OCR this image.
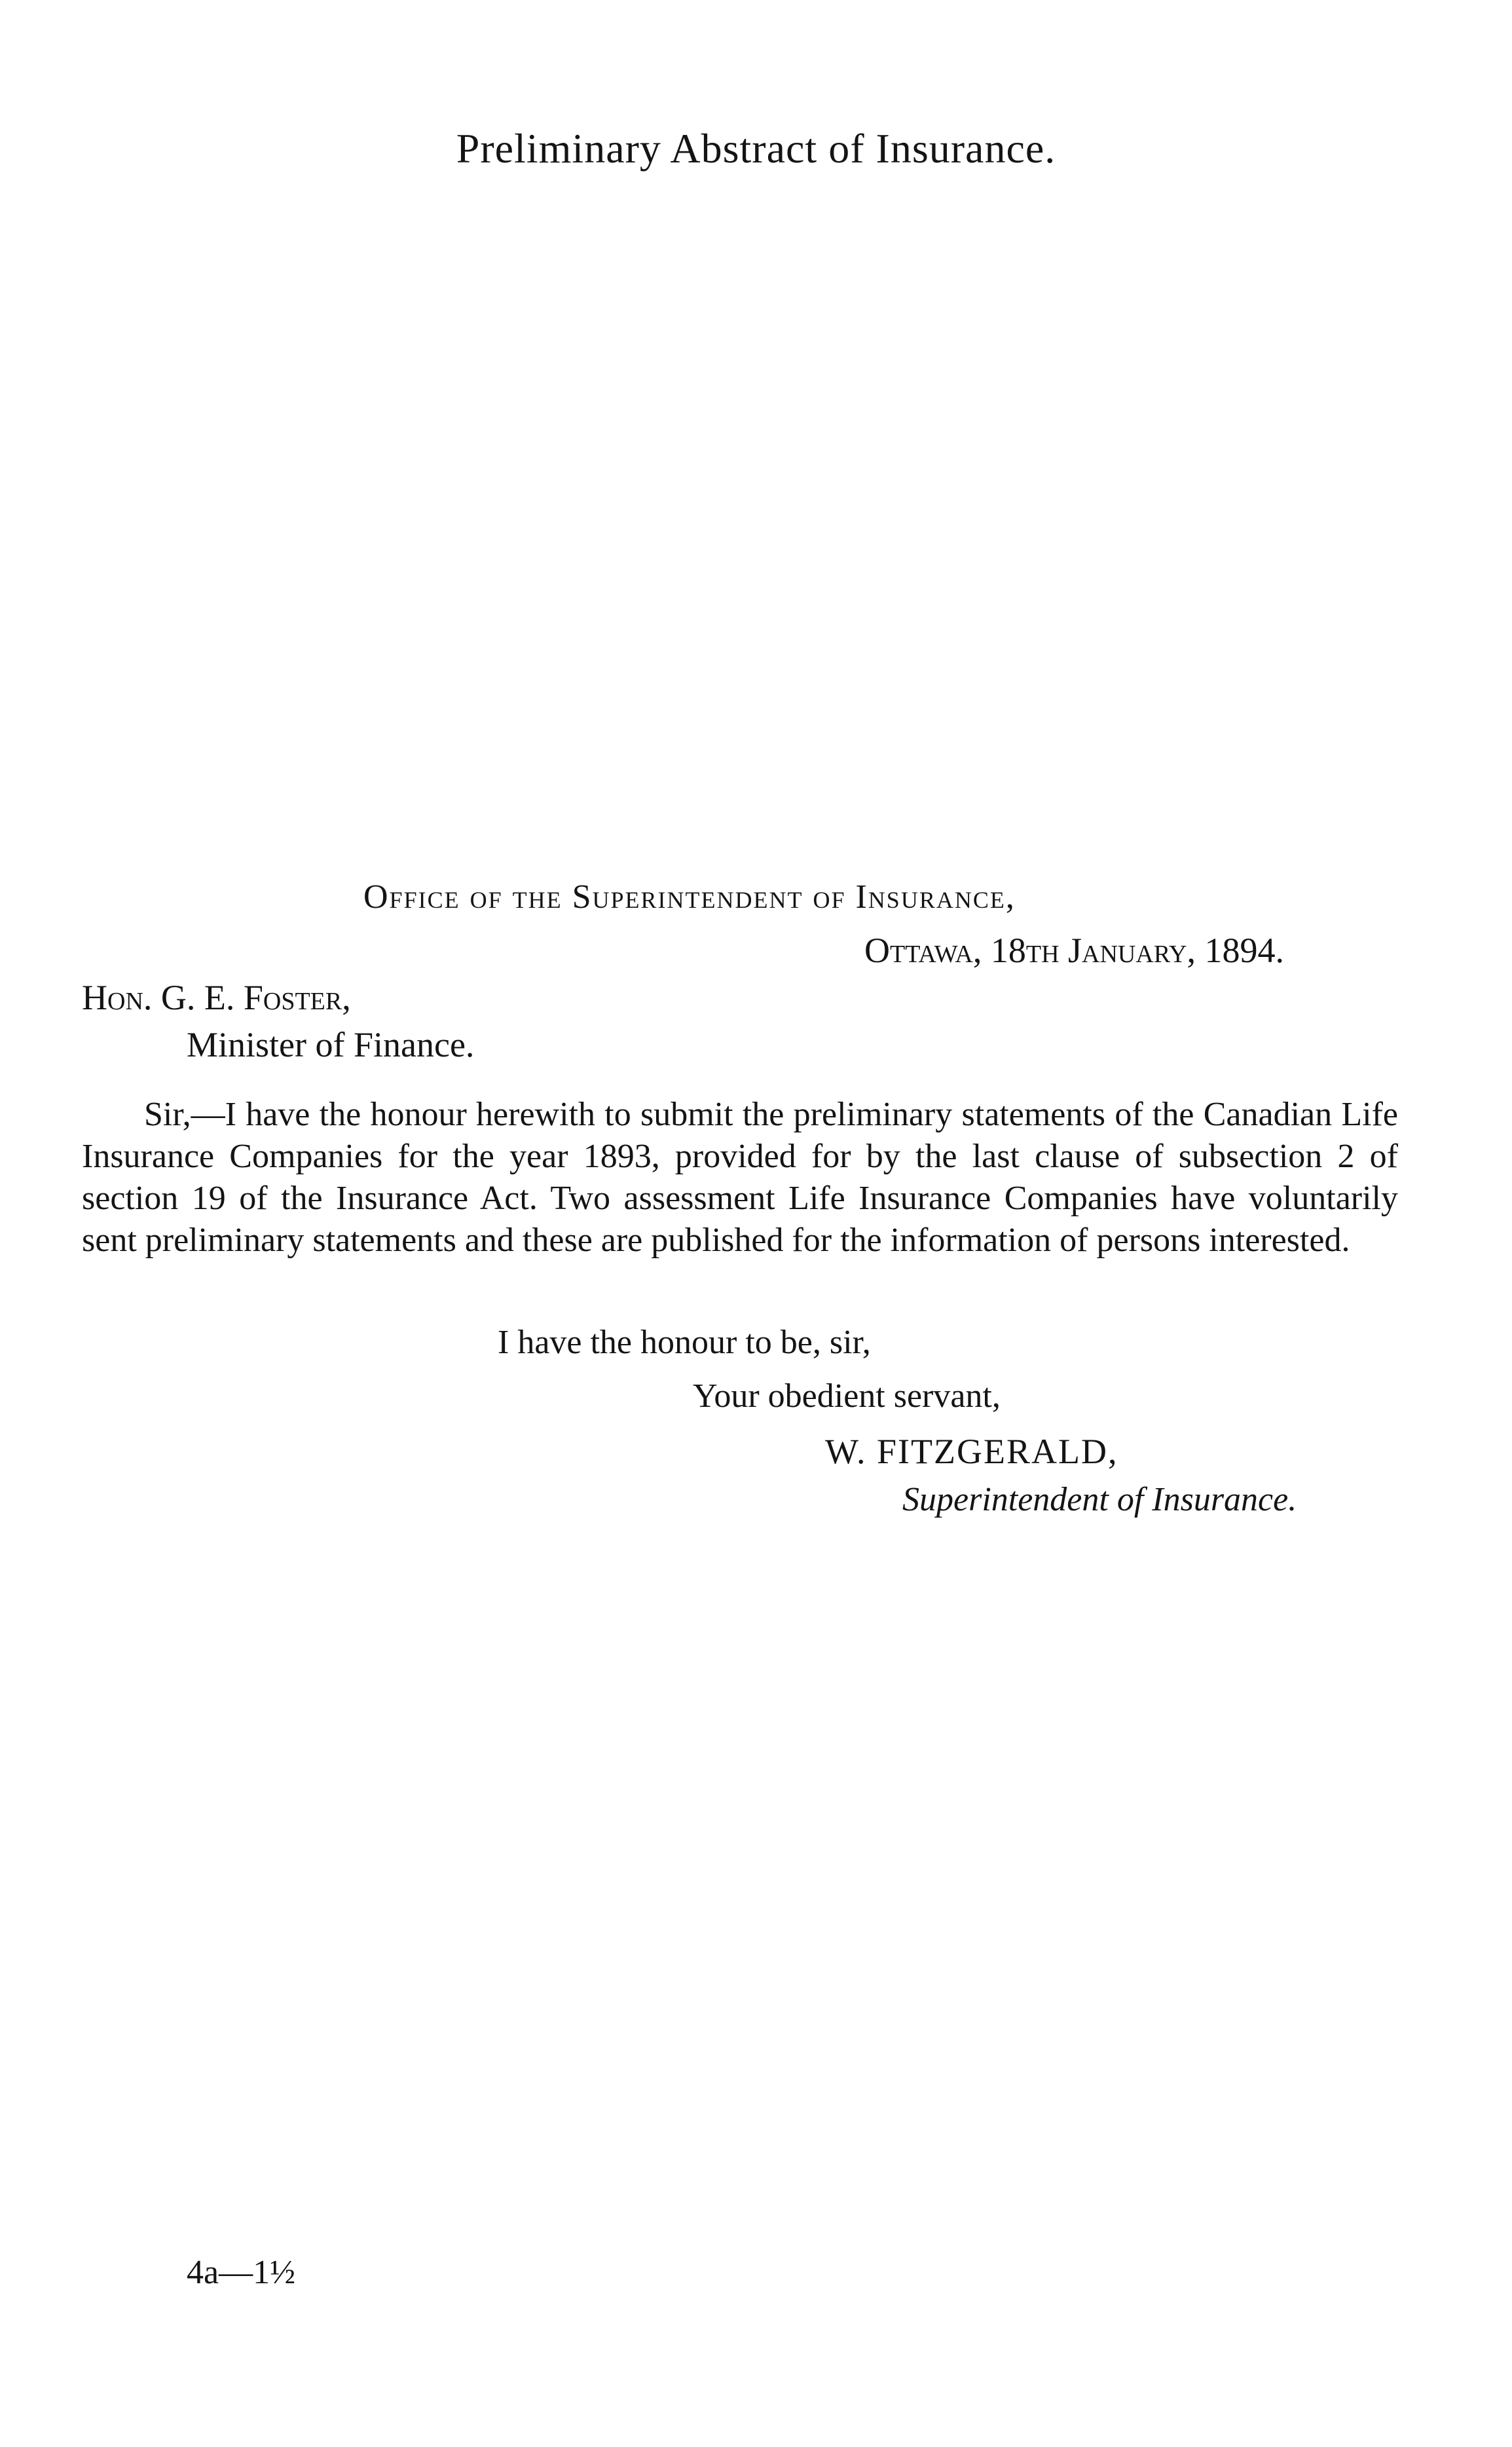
Preliminary Abstract of Insurance.
Office of the Superintendent of Insurance,
Ottawa, 18th January, 1894.
Hon. G. E. Foster,
Minister of Finance.

Sir,—I have the honour herewith to submit the preliminary statements of the Canadian Life Insurance Companies for the year 1893, provided for by the last clause of subsection 2 of section 19 of the Insurance Act. Two assessment Life Insurance Companies have voluntarily sent preliminary statements and these are published for the information of persons interested.

I have the honour to be, sir,
Your obedient servant,
W. FITZGERALD,
Superintendent of Insurance.
4a—1½
